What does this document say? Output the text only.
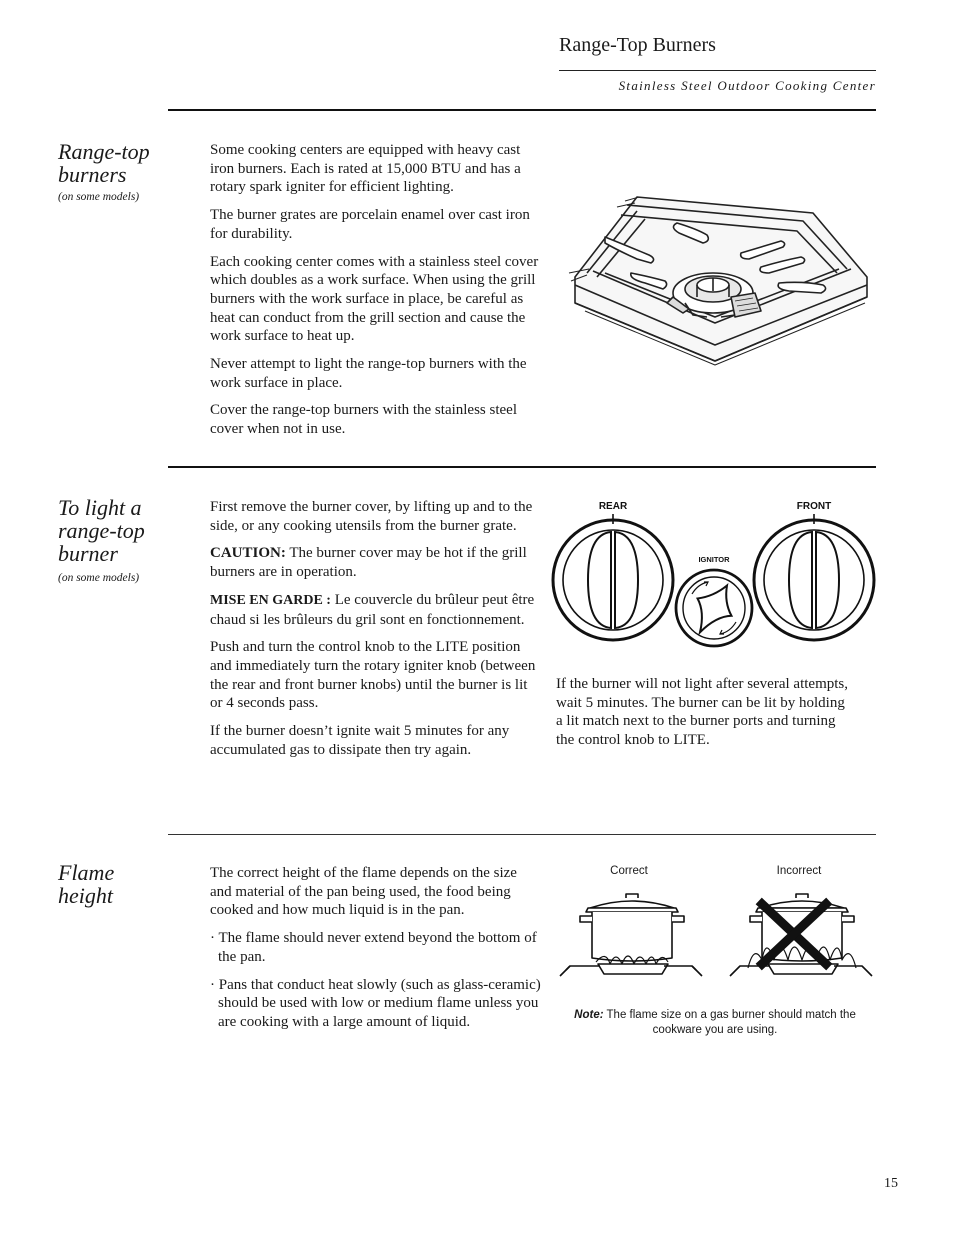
Range-Top Burners
Stainless Steel Outdoor Cooking Center
Range-top burners
(on some models)

Some cooking centers are equipped with heavy cast iron burners. Each is rated at 15,000 BTU and has a rotary spark igniter for efficient lighting.

The burner grates are porcelain enamel over cast iron for durability.

Each cooking center comes with a stainless steel cover which doubles as a work surface. When using the grill burners with the work surface in place, be careful as heat can conduct from the grill section and cause the work surface to heat up.

Never attempt to light the range-top burners with the work surface in place.

Cover the range-top burners with the stainless steel cover when not in use.

To light a range-top burner
(on some models)

First remove the burner cover, by lifting up and to the side, or any cooking utensils from the burner grate.

CAUTION: The burner cover may be hot if the grill burners are in operation.

MISE EN GARDE : Le couvercle du brûleur peut être chaud si les brûleurs du gril sont en fonctionnement.

Push and turn the control knob to the LITE position and immediately turn the rotary igniter knob (between the rear and front burner knobs) until the burner is lit or 4 seconds pass.

If the burner doesn’t ignite wait 5 minutes for any accumulated gas to dissipate then try again.

REAR	FRONT
IGNITOR

If the burner will not light after several attempts, wait 5 minutes. The burner can be lit by holding a lit match next to the burner ports and turning the control knob to LITE.

Flame height

The correct height of the flame depends on the size and material of the pan being used, the food being cooked and how much liquid is in the pan.

· The flame should never extend beyond the bottom of the pan.

· Pans that conduct heat slowly (such as glass-ceramic) should be used with low or medium flame unless you are cooking with a large amount of liquid.

Correct	Incorrect
Note: The flame size on a gas burner should match the cookware you are using.
15
